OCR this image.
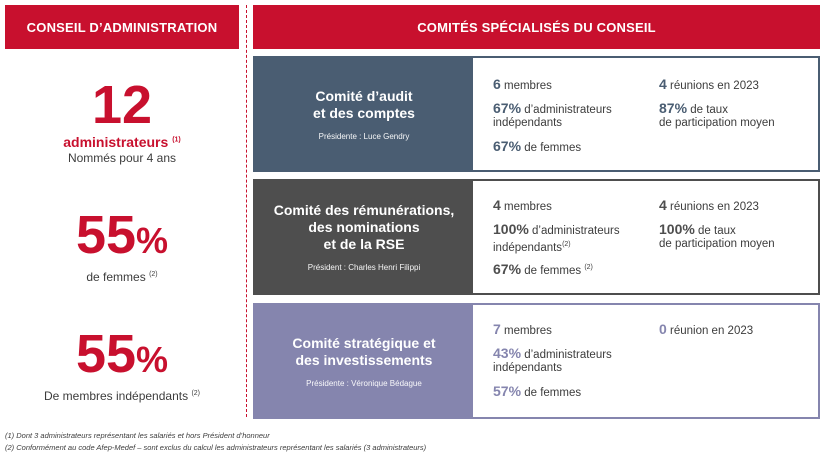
CONSEIL D’ADMINISTRATION	COMITÉS SPÉCIALISÉS DU CONSEIL
12
administrateurs $^{(1)}$
Nommés pour 4 ans
55%
de femmes $^{(2)}$
55%
De membres indépendants $^{(2)}$
Comité d’audit
et des comptes
Présidente : Luce Gendry
6 membres
67% d’administrateurs
indépendants
67% de femmes
4 réunions en 2023
87% de taux
de participation moyen
Comité des rémunérations,
des nominations
et de la RSE
Président : Charles Henri Filippi
4 membres
100% d’administrateurs
indépendants$^{(2)}$
67% de femmes $^{(2)}$
4 réunions en 2023
100% de taux
de participation moyen
Comité stratégique et
des investissements
Présidente : Véronique Bédague
7 membres
43% d’administrateurs
indépendants
57% de femmes
0 réunion en 2023
(1) Dont 3 administrateurs représentant les salariés et hors Président d’honneur
(2) Conformément au code Afep-Medef – sont exclus du calcul les administrateurs représentant les salariés (3 administrateurs)
